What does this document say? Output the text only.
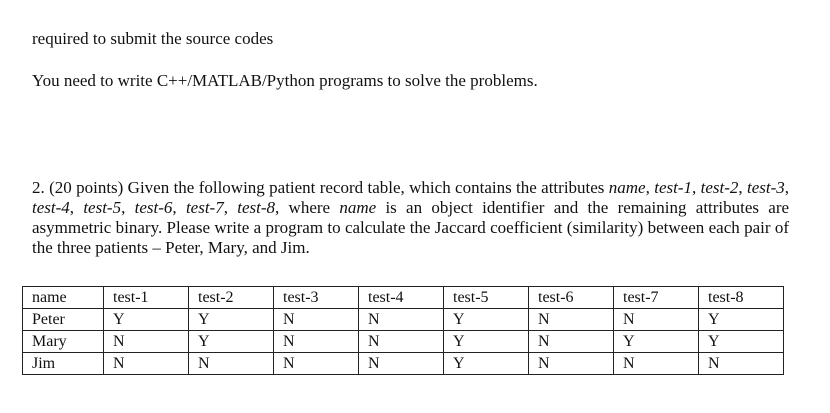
required to submit the source codes
You need to write C++/MATLAB/Python programs to solve the problems.
2. (20 points) Given the following patient record table, which contains the attributes name, test-1, test-2, test-3, test-4, test-5, test-6, test-7, test-8, where name is an object identifier and the remaining attributes are asymmetric binary. Please write a program to calculate the Jaccard coefficient (similarity) between each pair of the three patients – Peter, Mary, and Jim.
name	test-1	test-2	test-3	test-4	test-5	test-6	test-7	test-8
Peter	Y	Y	N	N	Y	N	N	Y
Mary	N	Y	N	N	Y	N	Y	Y
Jim	N	N	N	N	Y	N	N	N
